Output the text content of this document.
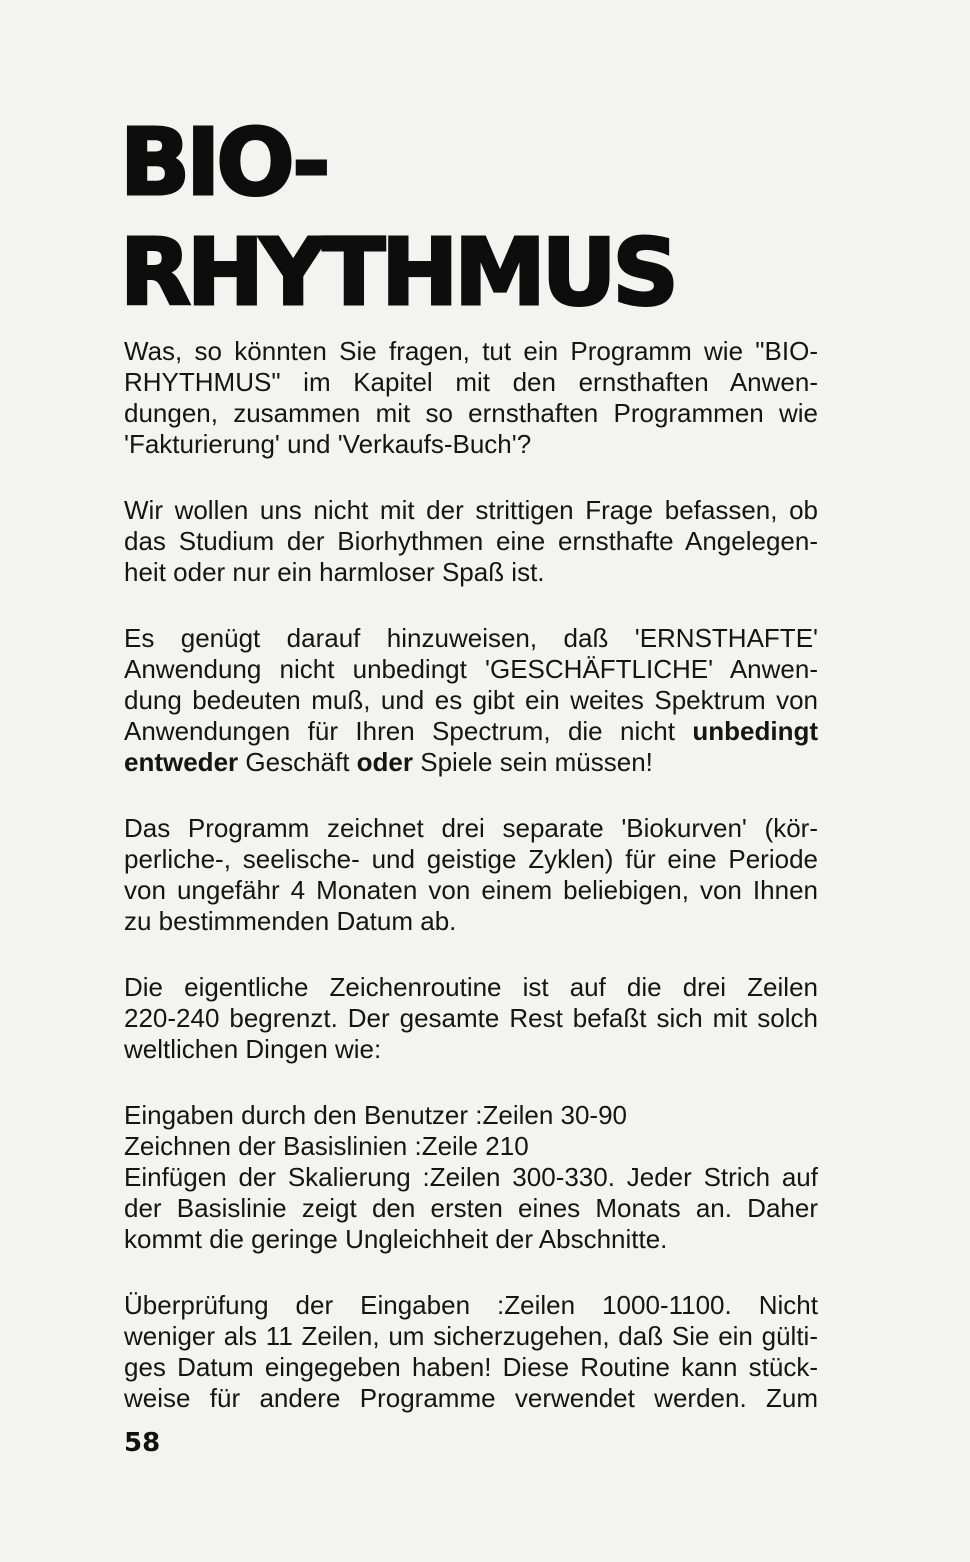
BIO-
RHYTHMUS

Was, so könnten Sie fragen, tut ein Programm wie "BIO-
RHYTHMUS" im Kapitel mit den ernsthaften Anwen-
dungen, zusammen mit so ernsthaften Programmen wie
'Fakturierung' und 'Verkaufs-Buch'?

Wir wollen uns nicht mit der strittigen Frage befassen, ob
das Studium der Biorhythmen eine ernsthafte Angelegen-
heit oder nur ein harmloser Spaß ist.

Es genügt darauf hinzuweisen, daß 'ERNSTHAFTE'
Anwendung nicht unbedingt 'GESCHÄFTLICHE' Anwen-
dung bedeuten muß, und es gibt ein weites Spektrum von
Anwendungen für Ihren Spectrum, die nicht unbedingt
entweder Geschäft oder Spiele sein müssen!

Das Programm zeichnet drei separate 'Biokurven' (kör-
perliche-, seelische- und geistige Zyklen) für eine Periode
von ungefähr 4 Monaten von einem beliebigen, von Ihnen
zu bestimmenden Datum ab.

Die eigentliche Zeichenroutine ist auf die drei Zeilen
220-240 begrenzt. Der gesamte Rest befaßt sich mit solch
weltlichen Dingen wie:

Eingaben durch den Benutzer :Zeilen 30-90
Zeichnen der Basislinien :Zeile 210
Einfügen der Skalierung :Zeilen 300-330. Jeder Strich auf
der Basislinie zeigt den ersten eines Monats an. Daher
kommt die geringe Ungleichheit der Abschnitte.

Überprüfung der Eingaben :Zeilen 1000-1100. Nicht
weniger als 11 Zeilen, um sicherzugehen, daß Sie ein gülti-
ges Datum eingegeben haben! Diese Routine kann stück-
weise für andere Programme verwendet werden. Zum

58
